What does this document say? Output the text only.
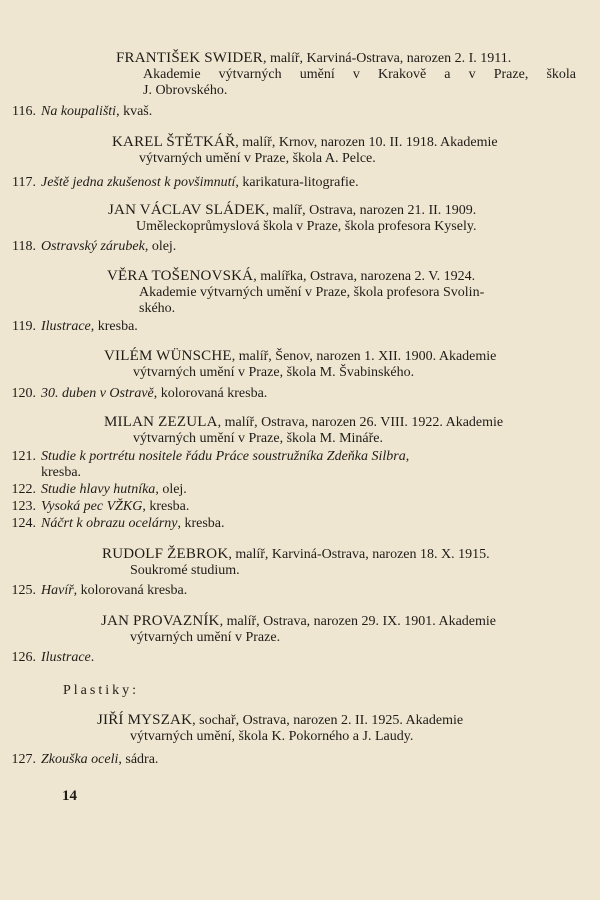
FRANTIŠEK SWIDER, malíř, Karviná-Ostrava, narozen 2. I. 1911.
Akademie výtvarných umění v Krakově a v Praze, škola
J. Obrovského.
116. Na koupališti, kvaš.
KAREL ŠTĚTKÁŘ, malíř, Krnov, narozen 10. II. 1918. Akademie
výtvarných umění v Praze, škola A. Pelce.
117. Ještě jedna zkušenost k povšimnutí, karikatura-litografie.
JAN VÁCLAV SLÁDEK, malíř, Ostrava, narozen 21. II. 1909.
Uměleckoprůmyslová škola v Praze, škola profesora Kysely.
118. Ostravský zárubek, olej.
VĚRA TOŠENOVSKÁ, malířka, Ostrava, narozena 2. V. 1924.
Akademie výtvarných umění v Praze, škola profesora Svolin-
ského.
119. Ilustrace, kresba.
VILÉM WÜNSCHE, malíř, Šenov, narozen 1. XII. 1900. Akademie
výtvarných umění v Praze, škola M. Švabinského.
120. 30. duben v Ostravě, kolorovaná kresba.
MILAN ZEZULA, malíř, Ostrava, narozen 26. VIII. 1922. Akademie
výtvarných umění v Praze, škola M. Mináře.
121. Studie k portrétu nositele řádu Práce soustružníka Zdeňka Silbra,
kresba.
122. Studie hlavy hutníka, olej.
123. Vysoká pec VŽKG, kresba.
124. Náčrt k obrazu ocelárny, kresba.
RUDOLF ŽEBROK, malíř, Karviná-Ostrava, narozen 18. X. 1915.
Soukromé studium.
125. Havíř, kolorovaná kresba.
JAN PROVAZNÍK, malíř, Ostrava, narozen 29. IX. 1901. Akademie
výtvarných umění v Praze.
126. Ilustrace.
Plastiky:
JIŘÍ MYSZAK, sochař, Ostrava, narozen 2. II. 1925. Akademie
výtvarných umění, škola K. Pokorného a J. Laudy.
127. Zkouška oceli, sádra.
14
